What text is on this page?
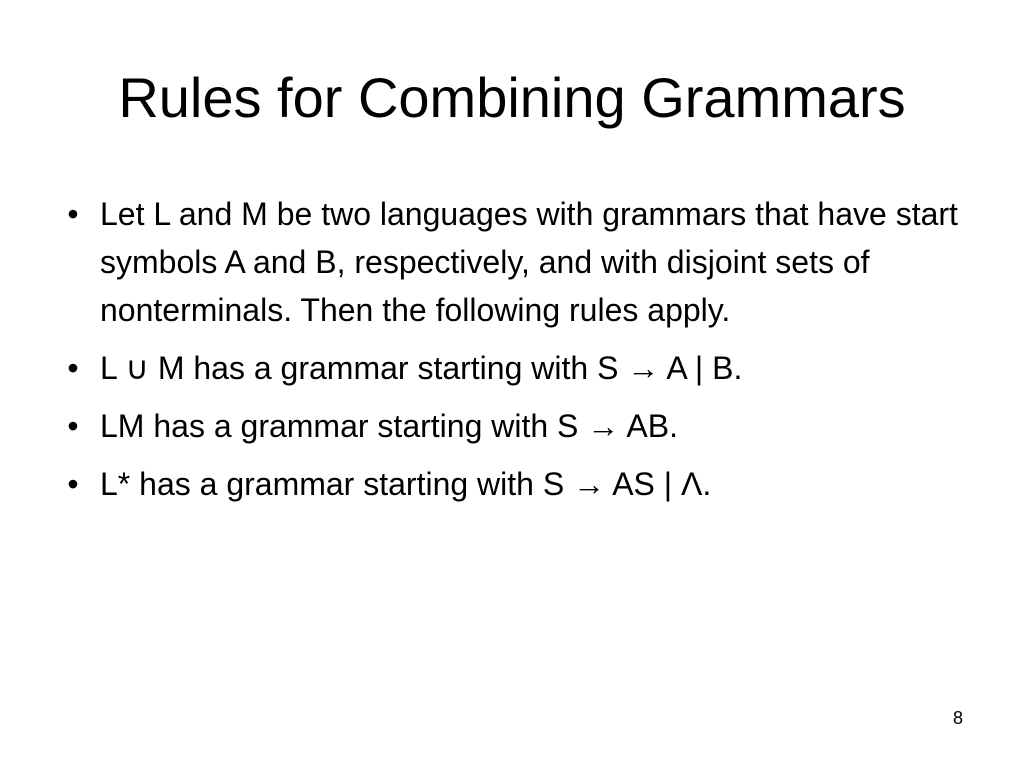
Rules for Combining Grammars
• Let L and M be two languages with grammars that have start symbols A and B, respectively, and with disjoint sets of nonterminals. Then the following rules apply.
• L ∪ M has a grammar starting with S → A | B.
• LM has a grammar starting with S → AB.
• L* has a grammar starting with S → AS | Λ.
8
